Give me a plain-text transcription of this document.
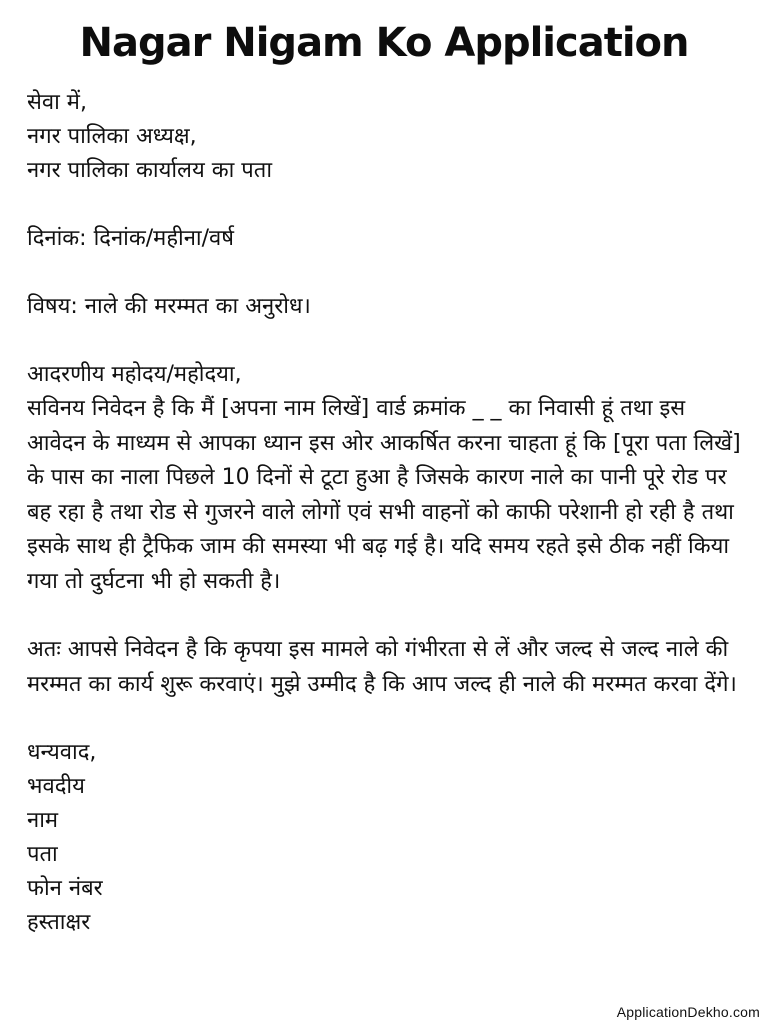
Nagar Nigam Ko Application
सेवा में,
नगर पालिका अध्यक्ष,
नगर पालिका कार्यालय का पता
दिनांक: दिनांक/महीना/वर्ष
विषय: नाले की मरम्मत का अनुरोध।
आदरणीय महोदय/महोदया,
सविनय निवेदन है कि मैं [अपना नाम लिखें] वार्ड क्रमांक _ _ का निवासी हूं तथा इस आवेदन के माध्यम से आपका ध्यान इस ओर आकर्षित करना चाहता हूं कि [पूरा पता लिखें] के पास का नाला पिछले 10 दिनों से टूटा हुआ है जिसके कारण नाले का पानी पूरे रोड पर बह रहा है तथा रोड से गुजरने वाले लोगों एवं सभी वाहनों को काफी परेशानी हो रही है तथा इसके साथ ही ट्रैफिक जाम की समस्या भी बढ़ गई है। यदि समय रहते इसे ठीक नहीं किया गया तो दुर्घटना भी हो सकती है।
अतः आपसे निवेदन है कि कृपया इस मामले को गंभीरता से लें और जल्द से जल्द नाले की मरम्मत का कार्य शुरू करवाएं। मुझे उम्मीद है कि आप जल्द ही नाले की मरम्मत करवा देंगे।
धन्यवाद,
भवदीय
नाम
पता
फोन नंबर
हस्ताक्षर
ApplicationDekho.com
